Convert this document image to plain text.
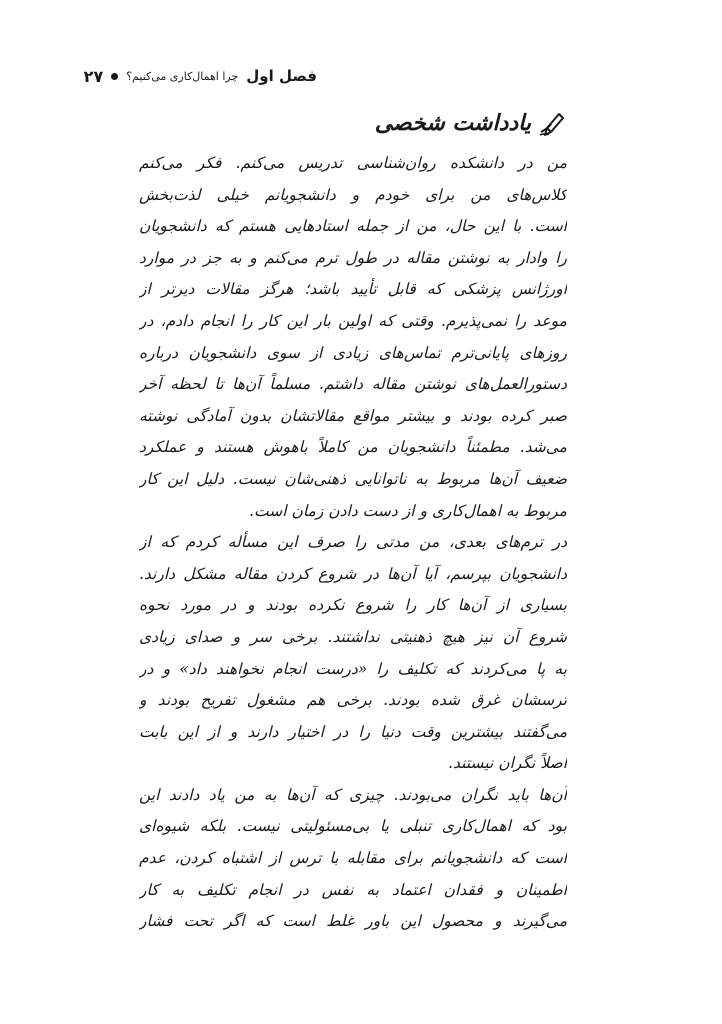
فصل اول
چرا اهمال‌کاری می‌کنیم؟
۲۷
یادداشت شخصی
من در دانشکده روان‌شناسی تدریس می‌کنم. فکر می‌کنم
کلاس‌های من برای خودم و دانشجویانم خیلی لذت‌بخش
است. با این حال، من از جمله استادهایی هستم که دانشجویان
را وادار به نوشتن مقاله در طول ترم می‌کنم و به جز در موارد
اورژانس پزشکی که قابل تأیید باشد؛ هرگز مقالات دیرتر از
موعد را نمی‌پذیرم. وقتی که اولین بار این کار را انجام دادم، در
روزهای پایانی‌ترم تماس‌های زیادی از سوی دانشجویان درباره
دستورالعمل‌های نوشتن مقاله داشتم. مسلماً آن‌ها تا لحظه آخر
صبر کرده بودند و بیشتر مواقع مقالاتشان بدون آمادگی نوشته
می‌شد. مطمئناً دانشجویان من کاملاً باهوش هستند و عملکرد
ضعیف آن‌ها مربوط به ناتوانایی ذهنی‌شان نیست. دلیل این کار
مربوط به اهمال‌کاری و از دست دادن زمان است.
در ترم‌های بعدی، من مدتی را صرف این مسأله کردم که از
دانشجویان بپرسم، آیا آن‌ها در شروع کردن مقاله مشکل دارند.
بسیاری از آن‌ها کار را شروع نکرده بودند و در مورد نحوه
شروع آن نیز هیچ ذهنیتی نداشتند. برخی سر و صدای زیادی
به پا می‌کردند که تکلیف را «درست انجام نخواهند داد» و در
ترسشان غرق شده بودند. برخی هم مشغول تفریح بودند و
می‌گفتند بیشترین وقت دنیا را در اختیار دارند و از این بابت
اصلاً نگران نیستند.
آن‌ها باید نگران می‌بودند. چیزی که آن‌ها به من یاد دادند این
بود که اهمال‌کاری تنبلی یا بی‌مسئولیتی نیست. بلکه شیوه‌ای
است که دانشجویانم برای مقابله با ترس از اشتباه کردن، عدم
اطمینان و فقدان اعتماد به نفس در انجام تکلیف به کار
می‌گیرند و محصول این باور غلط است که اگر تحت فشار
